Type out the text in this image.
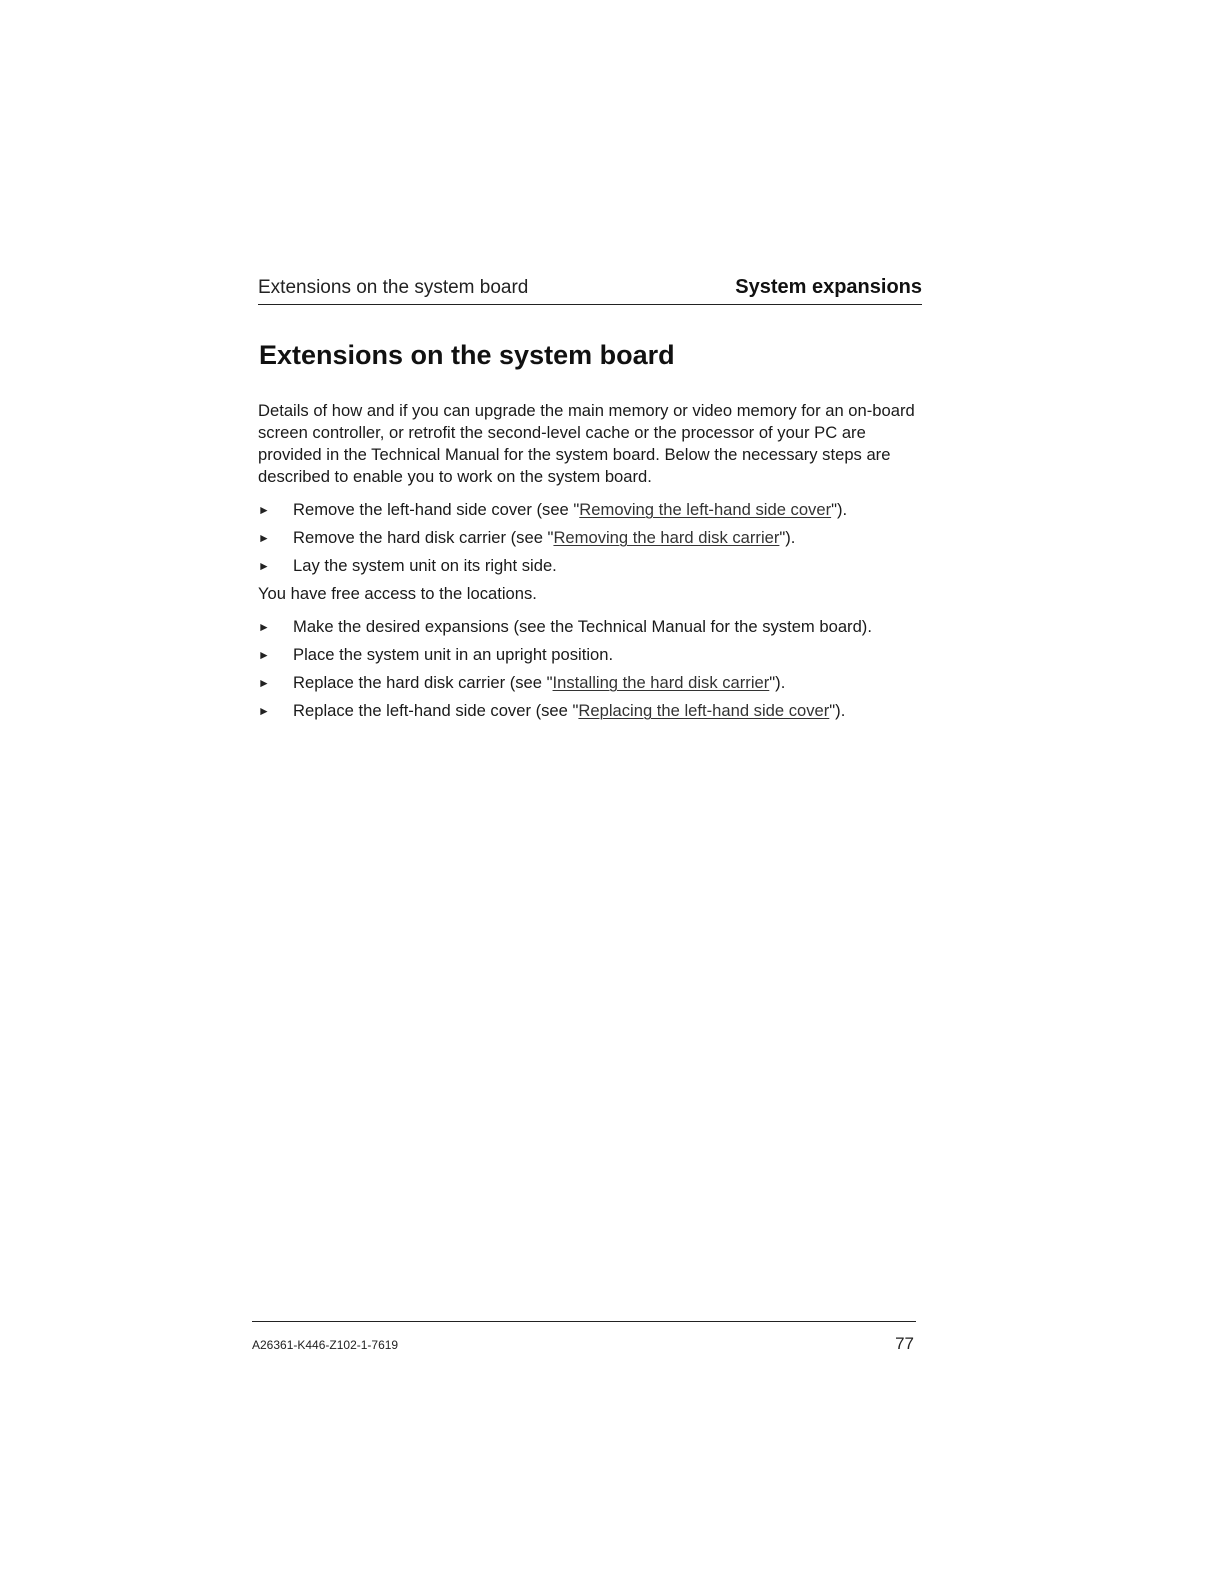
Extensions on the system board	System expansions
Extensions on the system board

Details of how and if you can upgrade the main memory or video memory for an on-board screen controller, or retrofit the second-level cache or the processor of your PC are provided in the Technical Manual for the system board. Below the necessary steps are described to enable you to work on the system board.

► Remove the left-hand side cover (see "Removing the left-hand side cover").

► Remove the hard disk carrier (see "Removing the hard disk carrier").

► Lay the system unit on its right side.

You have free access to the locations.

► Make the desired expansions (see the Technical Manual for the system board).

► Place the system unit in an upright position.

► Replace the hard disk carrier (see "Installing the hard disk carrier").

► Replace the left-hand side cover (see "Replacing the left-hand side cover").

A26361-K446-Z102-1-7619	77
